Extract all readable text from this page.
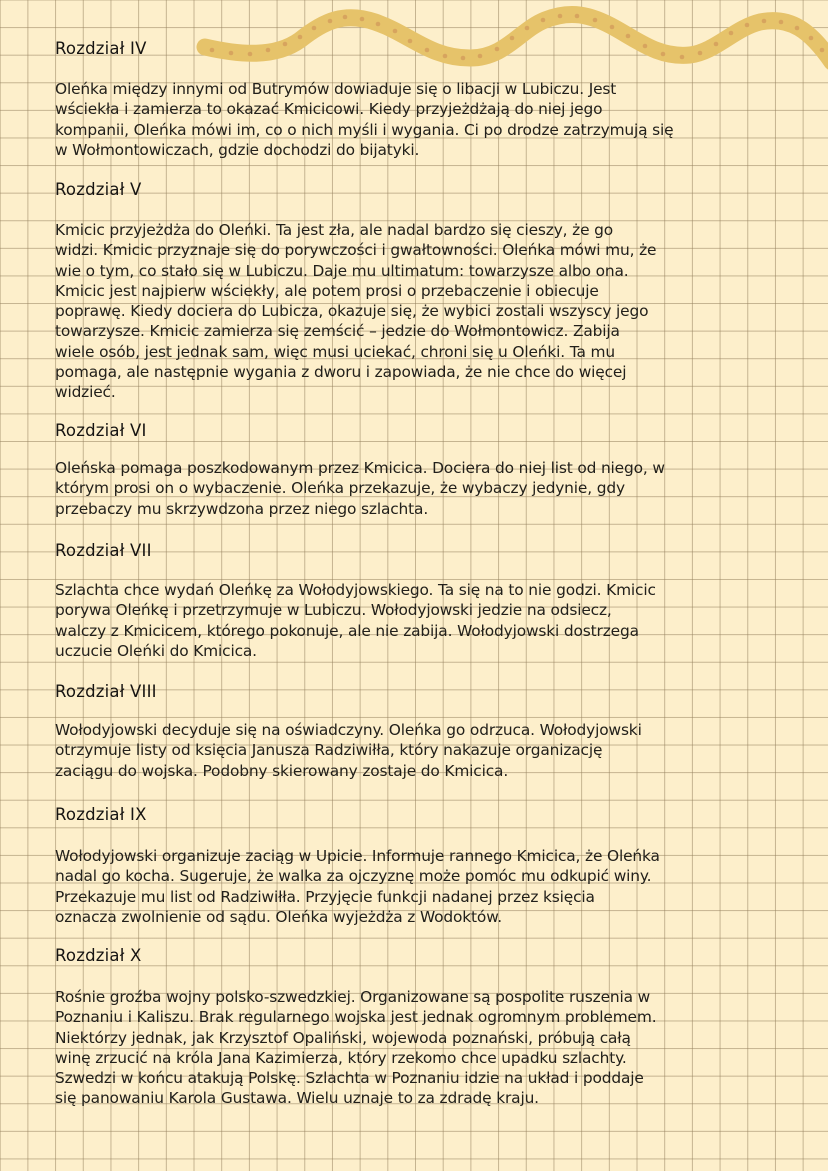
Rozdział IV
Oleńka między innymi od Butrymów dowiaduje się o libacji w Lubiczu. Jest
wściekła i zamierza to okazać Kmicicowi. Kiedy przyjeżdżają do niej jego
kompanii, Oleńka mówi im, co o nich myśli i wygania. Ci po drodze zatrzymują się
w Wołmontowiczach, gdzie dochodzi do bijatyki.
Rozdział V
Kmicic przyjeżdża do Oleńki. Ta jest zła, ale nadal bardzo się cieszy, że go
widzi. Kmicic przyznaje się do porywczości i gwałtowności. Oleńka mówi mu, że
wie o tym, co stało się w Lubiczu. Daje mu ultimatum: towarzysze albo ona.
Kmicic jest najpierw wściekły, ale potem prosi o przebaczenie i obiecuje
poprawę. Kiedy dociera do Lubicza, okazuje się, że wybici zostali wszyscy jego
towarzysze. Kmicic zamierza się zemścić – jedzie do Wołmontowicz. Zabija
wiele osób, jest jednak sam, więc musi uciekać, chroni się u Oleńki. Ta mu
pomaga, ale następnie wygania z dworu i zapowiada, że nie chce do więcej
widzieć.
Rozdział VI
Oleńska pomaga poszkodowanym przez Kmicica. Dociera do niej list od niego, w
którym prosi on o wybaczenie. Oleńka przekazuje, że wybaczy jedynie, gdy
przebaczy mu skrzywdzona przez niego szlachta.
Rozdział VII
Szlachta chce wydań Oleńkę za Wołodyjowskiego. Ta się na to nie godzi. Kmicic
porywa Oleńkę i przetrzymuje w Lubiczu. Wołodyjowski jedzie na odsiecz,
walczy z Kmicicem, którego pokonuje, ale nie zabija. Wołodyjowski dostrzega
uczucie Oleńki do Kmicica.
Rozdział VIII
Wołodyjowski decyduje się na oświadczyny. Oleńka go odrzuca. Wołodyjowski
otrzymuje listy od księcia Janusza Radziwiłła, który nakazuje organizację
zaciągu do wojska. Podobny skierowany zostaje do Kmicica.
Rozdział IX
Wołodyjowski organizuje zaciąg w Upicie. Informuje rannego Kmicica, że Oleńka
nadal go kocha. Sugeruje, że walka za ojczyznę może pomóc mu odkupić winy.
Przekazuje mu list od Radziwiłła. Przyjęcie funkcji nadanej przez księcia
oznacza zwolnienie od sądu. Oleńka wyjeżdża z Wodoktów.
Rozdział X
Rośnie groźba wojny polsko-szwedzkiej. Organizowane są pospolite ruszenia w
Poznaniu i Kaliszu. Brak regularnego wojska jest jednak ogromnym problemem.
Niektórzy jednak, jak Krzysztof Opaliński, wojewoda poznański, próbują całą
winę zrzucić na króla Jana Kazimierza, który rzekomo chce upadku szlachty.
Szwedzi w końcu atakują Polskę. Szlachta w Poznaniu idzie na układ i poddaje
się panowaniu Karola Gustawa. Wielu uznaje to za zdradę kraju.
